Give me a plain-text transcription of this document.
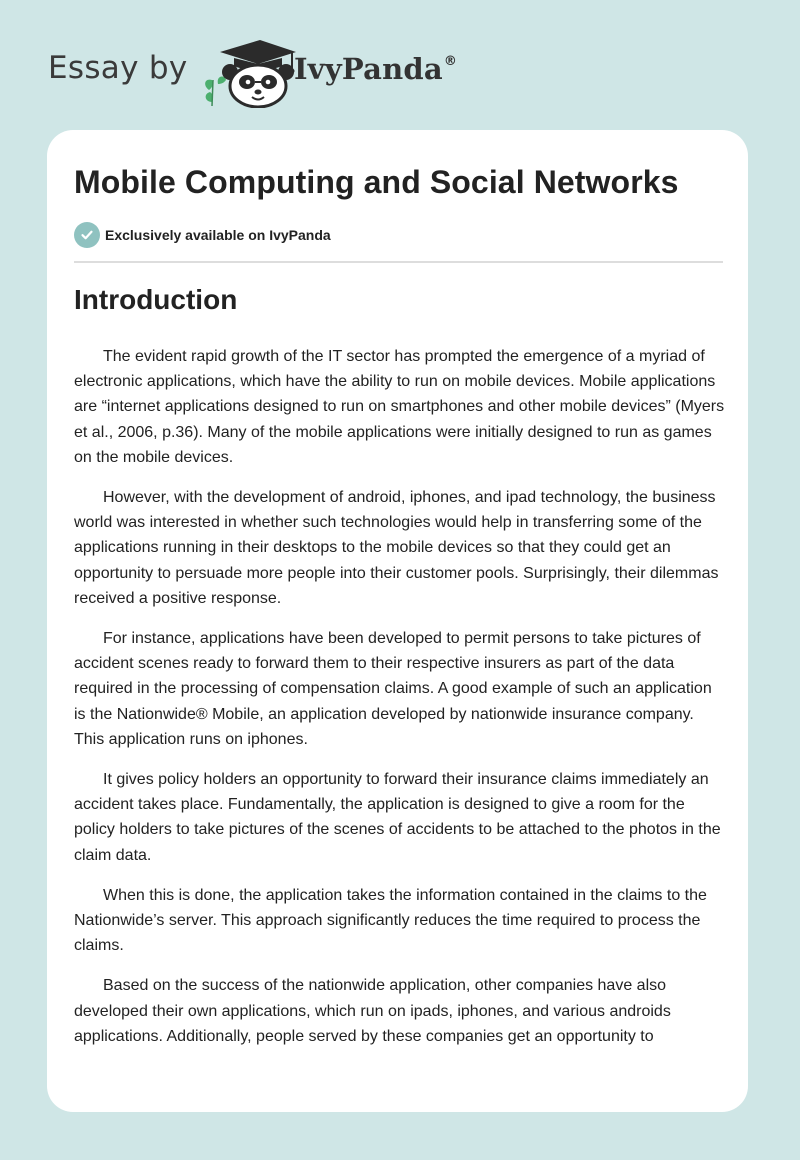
Essay by	IvyPanda®
Mobile Computing and Social Networks
Exclusively available on IvyPanda
Introduction

The evident rapid growth of the IT sector has prompted the emergence of a myriad of electronic applications, which have the ability to run on mobile devices. Mobile applications are “internet applications designed to run on smartphones and other mobile devices” (Myers et al., 2006, p.36). Many of the mobile applications were initially designed to run as games on the mobile devices.

However, with the development of android, iphones, and ipad technology, the business world was interested in whether such technologies would help in transferring some of the applications running in their desktops to the mobile devices so that they could get an opportunity to persuade more people into their customer pools. Surprisingly, their dilemmas received a positive response.

For instance, applications have been developed to permit persons to take pictures of accident scenes ready to forward them to their respective insurers as part of the data required in the processing of compensation claims. A good example of such an application is the Nationwide® Mobile, an application developed by nationwide insurance company. This application runs on iphones.

It gives policy holders an opportunity to forward their insurance claims immediately an accident takes place. Fundamentally, the application is designed to give a room for the policy holders to take pictures of the scenes of accidents to be attached to the photos in the claim data.

When this is done, the application takes the information contained in the claims to the Nationwide’s server. This approach significantly reduces the time required to process the claims.

Based on the success of the nationwide application, other companies have also developed their own applications, which run on ipads, iphones, and various androids applications. Additionally, people served by these companies get an opportunity to
